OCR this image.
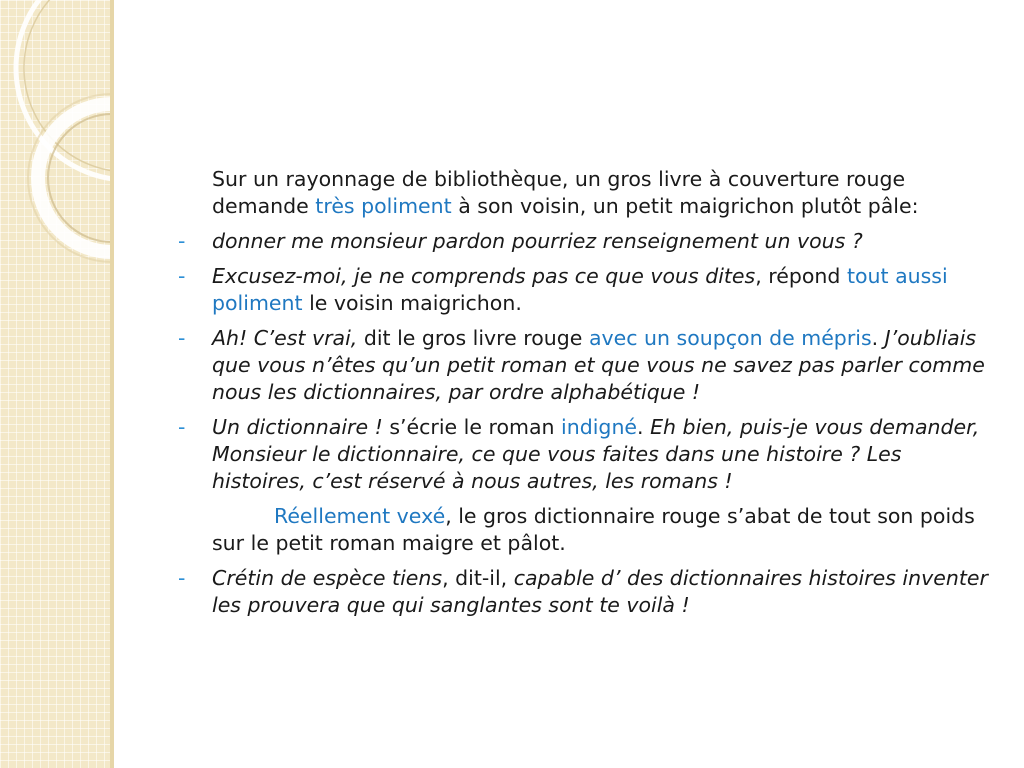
Sur un rayonnage de bibliothèque, un gros livre à couverture rouge demande très poliment à son voisin, un petit maigrichon plutôt pâle:
- donner me monsieur pardon pourriez renseignement un vous ?
- Excusez-moi, je ne comprends pas ce que vous dites, répond tout aussi poliment le voisin maigrichon.
- Ah! C’est vrai, dit le gros livre rouge avec un soupçon de mépris. J’oubliais que vous n’êtes qu’un petit roman et que vous ne savez pas parler comme nous les dictionnaires, par ordre alphabétique !
- Un dictionnaire ! s’écrie le roman indigné. Eh bien, puis-je vous demander, Monsieur le dictionnaire, ce que vous faites dans une histoire ? Les histoires, c’est réservé à nous autres, les romans !
Réellement vexé, le gros dictionnaire rouge s’abat de tout son poids sur le petit roman maigre et pâlot.
- Crétin de espèce tiens, dit-il, capable d’ des dictionnaires histoires inventer les prouvera que qui sanglantes sont te voilà !
